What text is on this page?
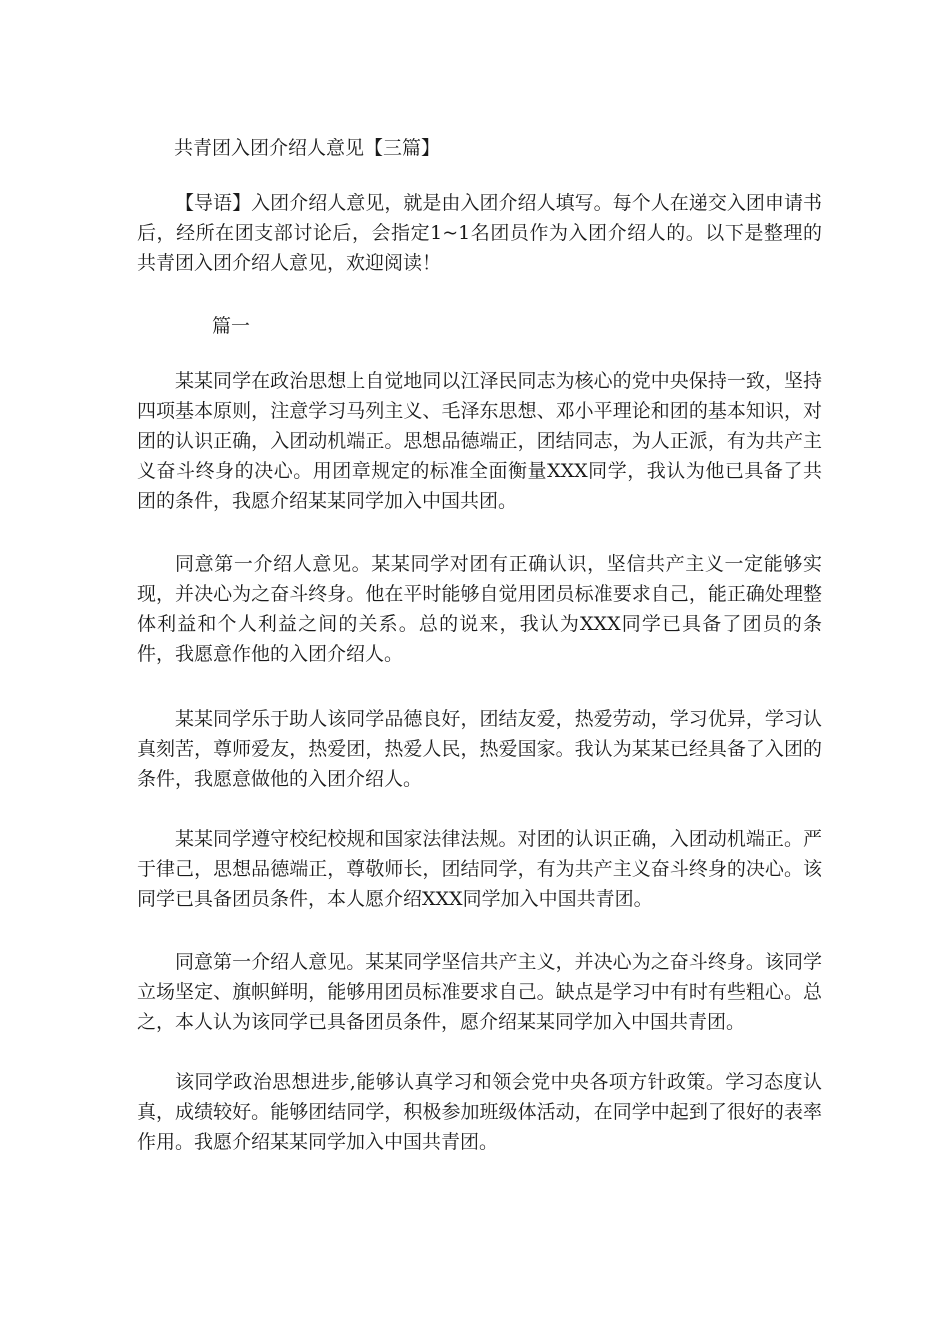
共青团入团介绍人意见【三篇】

【导语】入团介绍人意见，就是由入团介绍人填写。每个人在递交入团申请书后，经所在团支部讨论后，会指定1~1名团员作为入团介绍人的。以下是整理的共青团入团介绍人意见，欢迎阅读！

篇一

某某同学在政治思想上自觉地同以江泽民同志为核心的党中央保持一致，坚持四项基本原则，注意学习马列主义、毛泽东思想、邓小平理论和团的基本知识，对团的认识正确，入团动机端正。思想品德端正，团结同志，为人正派，有为共产主义奋斗终身的决心。用团章规定的标准全面衡量XXX同学，我认为他已具备了共团的条件，我愿介绍某某同学加入中国共团。

同意第一介绍人意见。某某同学对团有正确认识，坚信共产主义一定能够实现，并决心为之奋斗终身。他在平时能够自觉用团员标准要求自己，能正确处理整体利益和个人利益之间的关系。总的说来，我认为XXX同学已具备了团员的条件，我愿意作他的入团介绍人。

某某同学乐于助人该同学品德良好，团结友爱，热爱劳动，学习优异，学习认真刻苦，尊师爱友，热爱团，热爱人民，热爱国家。我认为某某已经具备了入团的条件，我愿意做他的入团介绍人。

某某同学遵守校纪校规和国家法律法规。对团的认识正确，入团动机端正。严于律己，思想品德端正，尊敬师长，团结同学，有为共产主义奋斗终身的决心。该同学已具备团员条件，本人愿介绍XXX同学加入中国共青团。

同意第一介绍人意见。某某同学坚信共产主义，并决心为之奋斗终身。该同学立场坚定、旗帜鲜明，能够用团员标准要求自己。缺点是学习中有时有些粗心。总之，本人认为该同学已具备团员条件，愿介绍某某同学加入中国共青团。

该同学政治思想进步,能够认真学习和领会党中央各项方针政策。学习态度认真，成绩较好。能够团结同学，积极参加班级体活动，在同学中起到了很好的表率作用。我愿介绍某某同学加入中国共青团。
